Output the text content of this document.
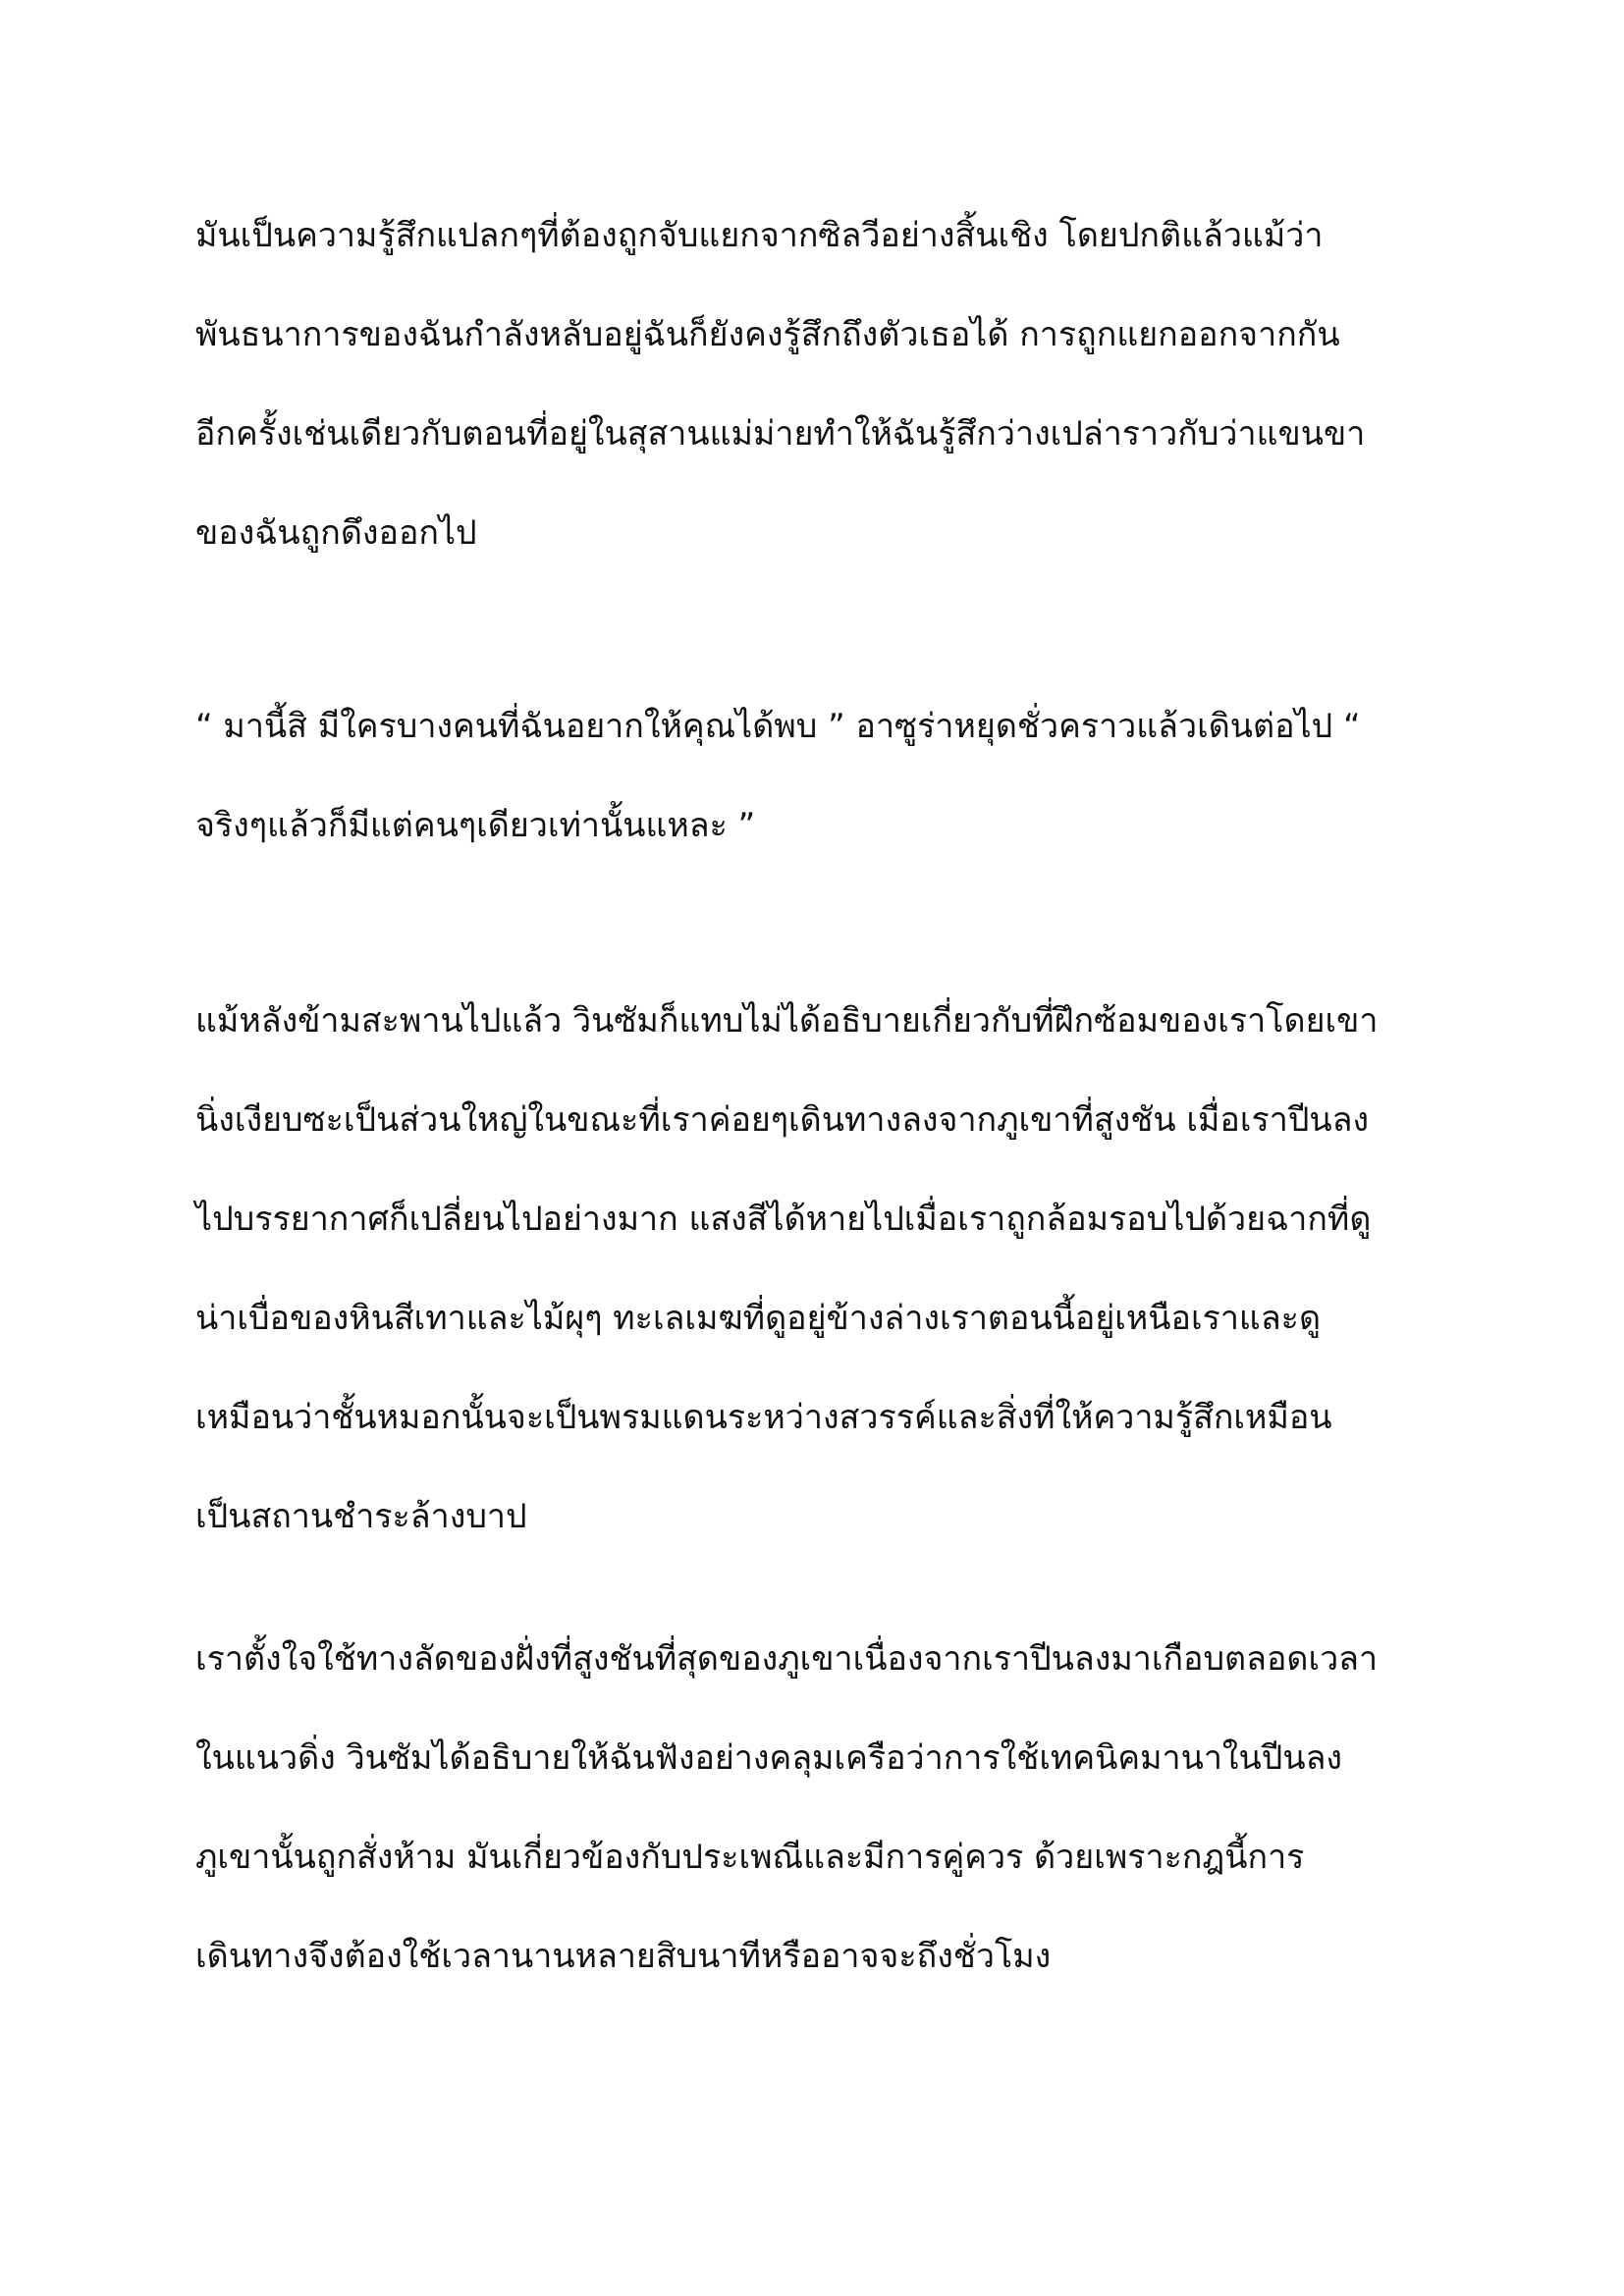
มันเป็นความรู้สึกแปลกๆที่ต้องถูกจับแยกจากซิลวีอย่างสิ้นเชิง โดยปกติแล้วแม้ว่า
พันธนาการของฉันกำลังหลับอยู่ฉันก็ยังคงรู้สึกถึงตัวเธอได้ การถูกแยกออกจากกัน
อีกครั้งเช่นเดียวกับตอนที่อยู่ในสุสานแม่ม่ายทำให้ฉันรู้สึกว่างเปล่าราวกับว่าแขนขา
ของฉันถูกดึงออกไป
“ มานี้สิ มีใครบางคนที่ฉันอยากให้คุณได้พบ ” อาซูร่าหยุดชั่วคราวแล้วเดินต่อไป “
จริงๆแล้วก็มีแต่คนๆเดียวเท่านั้นแหละ ”
แม้หลังข้ามสะพานไปแล้ว วินซัมก็แทบไม่ได้อธิบายเกี่ยวกับที่ฝึกซ้อมของเราโดยเขา
นิ่งเงียบซะเป็นส่วนใหญ่ในขณะที่เราค่อยๆเดินทางลงจากภูเขาที่สูงชัน เมื่อเราปีนลง
ไปบรรยากาศก็เปลี่ยนไปอย่างมาก แสงสีได้หายไปเมื่อเราถูกล้อมรอบไปด้วยฉากที่ดู
น่าเบื่อของหินสีเทาและไม้ผุๆ ทะเลเมฆที่ดูอยู่ข้างล่างเราตอนนี้อยู่เหนือเราและดู
เหมือนว่าชั้นหมอกนั้นจะเป็นพรมแดนระหว่างสวรรค์และสิ่งที่ให้ความรู้สึกเหมือน
เป็นสถานชำระล้างบาป
เราตั้งใจใช้ทางลัดของฝั่งที่สูงชันที่สุดของภูเขาเนื่องจากเราปีนลงมาเกือบตลอดเวลา
ในแนวดิ่ง วินซัมได้อธิบายให้ฉันฟังอย่างคลุมเครือว่าการใช้เทคนิคมานาในปีนลง
ภูเขานั้นถูกสั่งห้าม มันเกี่ยวข้องกับประเพณีและมีการคู่ควร ด้วยเพราะกฎนี้การ
เดินทางจึงต้องใช้เวลานานหลายสิบนาทีหรืออาจจะถึงชั่วโมง
